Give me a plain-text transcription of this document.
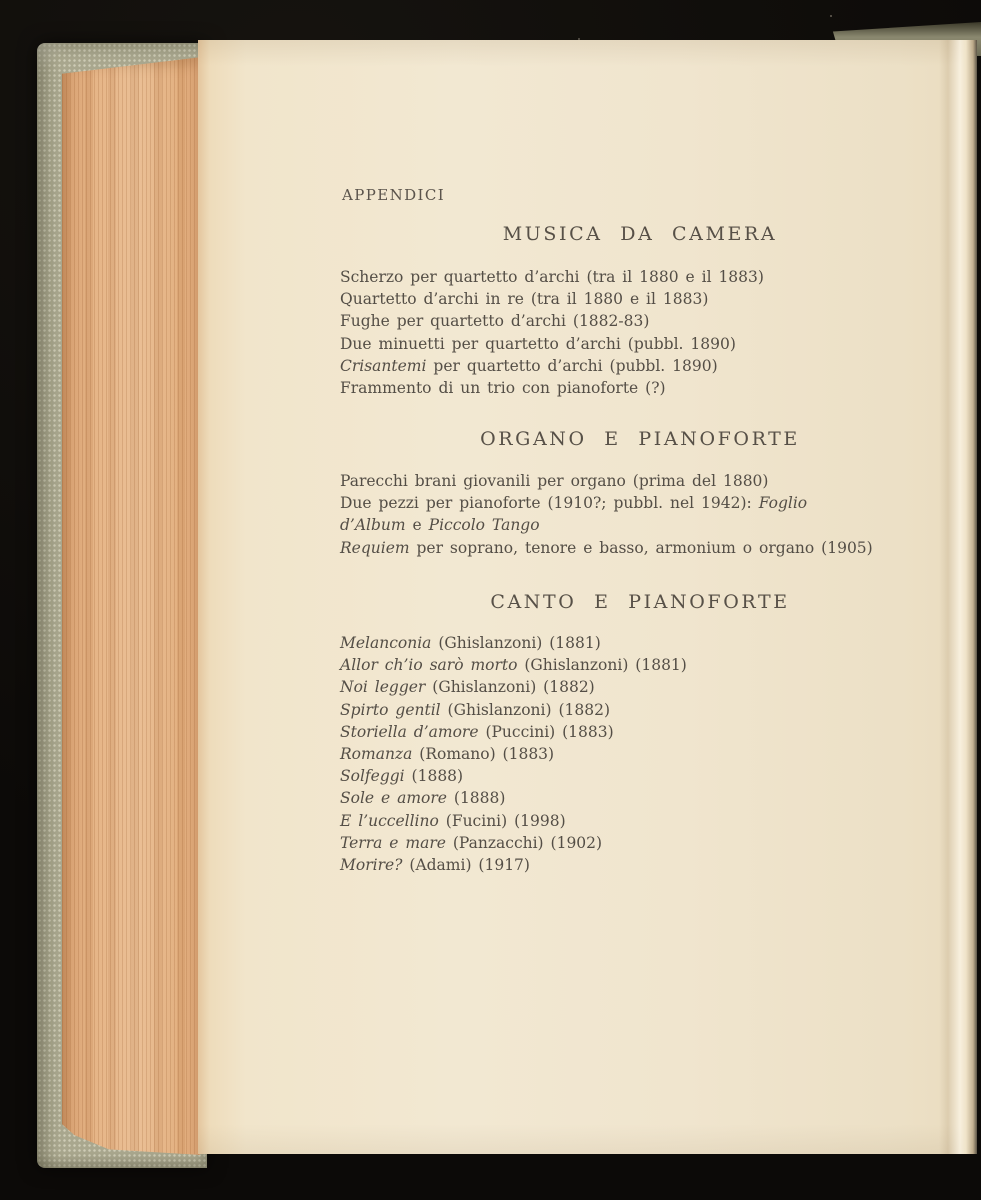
APPENDICI
MUSICA DA CAMERA
Scherzo per quartetto d’archi (tra il 1880 e il 1883)
Quartetto d’archi in re (tra il 1880 e il 1883)
Fughe per quartetto d’archi (1882-83)
Due minuetti per quartetto d’archi (pubbl. 1890)
Crisantemi per quartetto d’archi (pubbl. 1890)
Frammento di un trio con pianoforte (?)
ORGANO E PIANOFORTE
Parecchi brani giovanili per organo (prima del 1880)
Due pezzi per pianoforte (1910?; pubbl. nel 1942): Foglio
d’Album e Piccolo Tango
Requiem per soprano, tenore e basso, armonium o organo (1905)
CANTO E PIANOFORTE
Melanconia (Ghislanzoni) (1881)
Allor ch’io sarò morto (Ghislanzoni) (1881)
Noi legger (Ghislanzoni) (1882)
Spirto gentil (Ghislanzoni) (1882)
Storiella d’amore (Puccini) (1883)
Romanza (Romano) (1883)
Solfeggi (1888)
Sole e amore (1888)
E l’uccellino (Fucini) (1998)
Terra e mare (Panzacchi) (1902)
Morire? (Adami) (1917)
